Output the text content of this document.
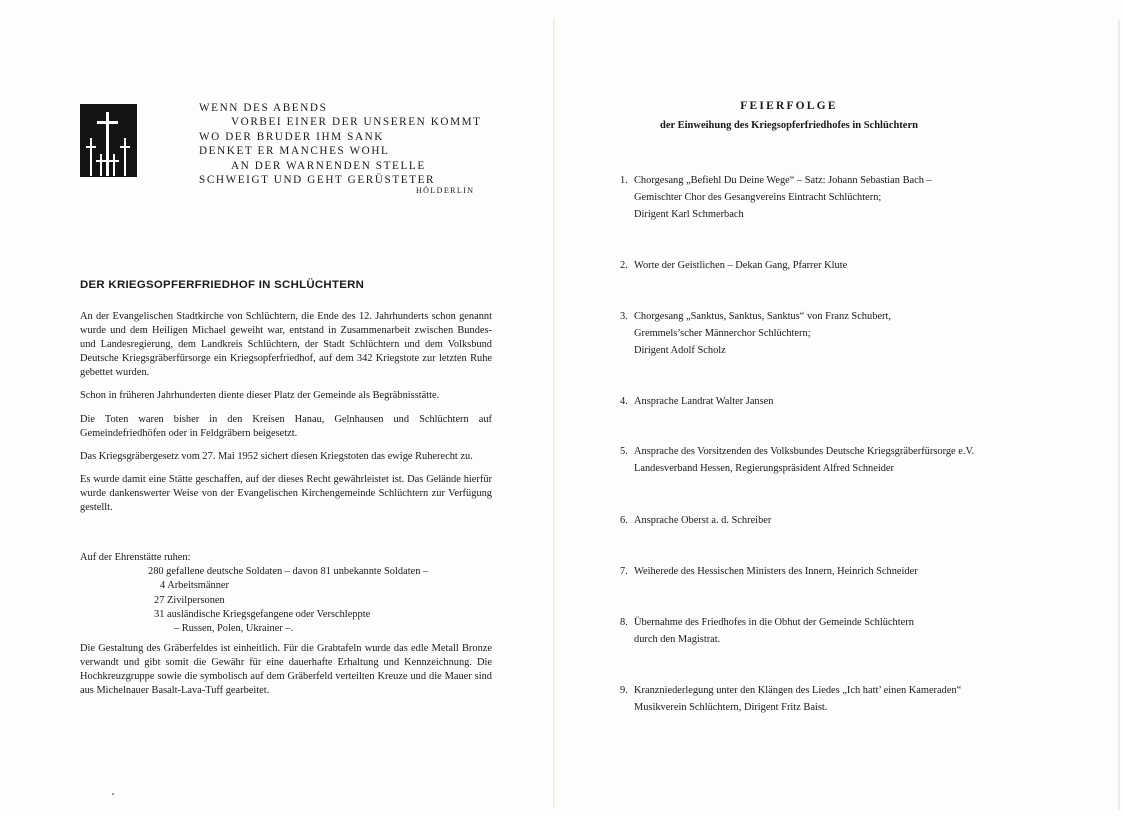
WENN DES ABENDS
VORBEI EINER DER UNSEREN KOMMT
WO DER BRUDER IHM SANK
DENKET ER MANCHES WOHL
AN DER WARNENDEN STELLE
SCHWEIGT UND GEHT GERÜSTETER
HÖLDERLIN
DER KRIEGSOPFERFRIEDHOF IN SCHLÜCHTERN

An der Evangelischen Stadtkirche von Schlüchtern, die Ende des 12. Jahrhunderts schon genannt wurde und dem Heiligen Michael geweiht war, entstand in Zusammenarbeit zwischen Bundes- und Landesregierung, dem Landkreis Schlüchtern, der Stadt Schlüchtern und dem Volksbund Deutsche Kriegsgräberfürsorge ein Kriegsopferfriedhof, auf dem 342 Kriegstote zur letzten Ruhe gebettet wurden.

Schon in früheren Jahrhunderten diente dieser Platz der Gemeinde als Begräbnisstätte.

Die Toten waren bisher in den Kreisen Hanau, Gelnhausen und Schlüchtern auf Gemeindefriedhöfen oder in Feldgräbern beigesetzt.

Das Kriegsgräbergesetz vom 27. Mai 1952 sichert diesen Kriegstoten das ewige Ruherecht zu.

Es wurde damit eine Stätte geschaffen, auf der dieses Recht gewährleistet ist. Das Gelände hierfür wurde dankenswerter Weise von der Evangelischen Kirchengemeinde Schlüchtern zur Verfügung gestellt.

Auf der Ehrenstätte ruhen:

280 gefallene deutsche Soldaten – davon 81 unbekannte Soldaten –
4 Arbeitsmänner
27 Zivilpersonen
31 ausländische Kriegsgefangene oder Verschleppte
– Russen, Polen, Ukrainer –.
Die Gestaltung des Gräberfeldes ist einheitlich. Für die Grabtafeln wurde das edle Metall Bronze verwandt und gibt somit die Gewähr für eine dauerhafte Erhaltung und Kennzeichnung. Die Hochkreuzgruppe sowie die symbolisch auf dem Gräberfeld verteilten Kreuze und die Mauer sind aus Michelnauer Basalt-Lava-Tuff gearbeitet.
FEIERFOLGE
der Einweihung des Kriegsopferfriedhofes in Schlüchtern
1. Chorgesang „Befiehl Du Deine Wege“ – Satz: Johann Sebastian Bach –
Gemischter Chor des Gesangvereins Eintracht Schlüchtern;
Dirigent Karl Schmerbach
2. Worte der Geistlichen – Dekan Gang, Pfarrer Klute
3. Chorgesang „Sanktus, Sanktus, Sanktus“ von Franz Schubert,
Gremmels’scher Männerchor Schlüchtern;
Dirigent Adolf Scholz
4. Ansprache Landrat Walter Jansen
5. Ansprache des Vorsitzenden des Volksbundes Deutsche Kriegsgräberfürsorge e.V.
Landesverband Hessen, Regierungspräsident Alfred Schneider
6. Ansprache Oberst a. d. Schreiber
7. Weiherede des Hessischen Ministers des Innern, Heinrich Schneider
8. Übernahme des Friedhofes in die Obhut der Gemeinde Schlüchtern
durch den Magistrat.
9. Kranzniederlegung unter den Klängen des Liedes „Ich hatt’ einen Kameraden“
Musikverein Schlüchtern, Dirigent Fritz Baist.
